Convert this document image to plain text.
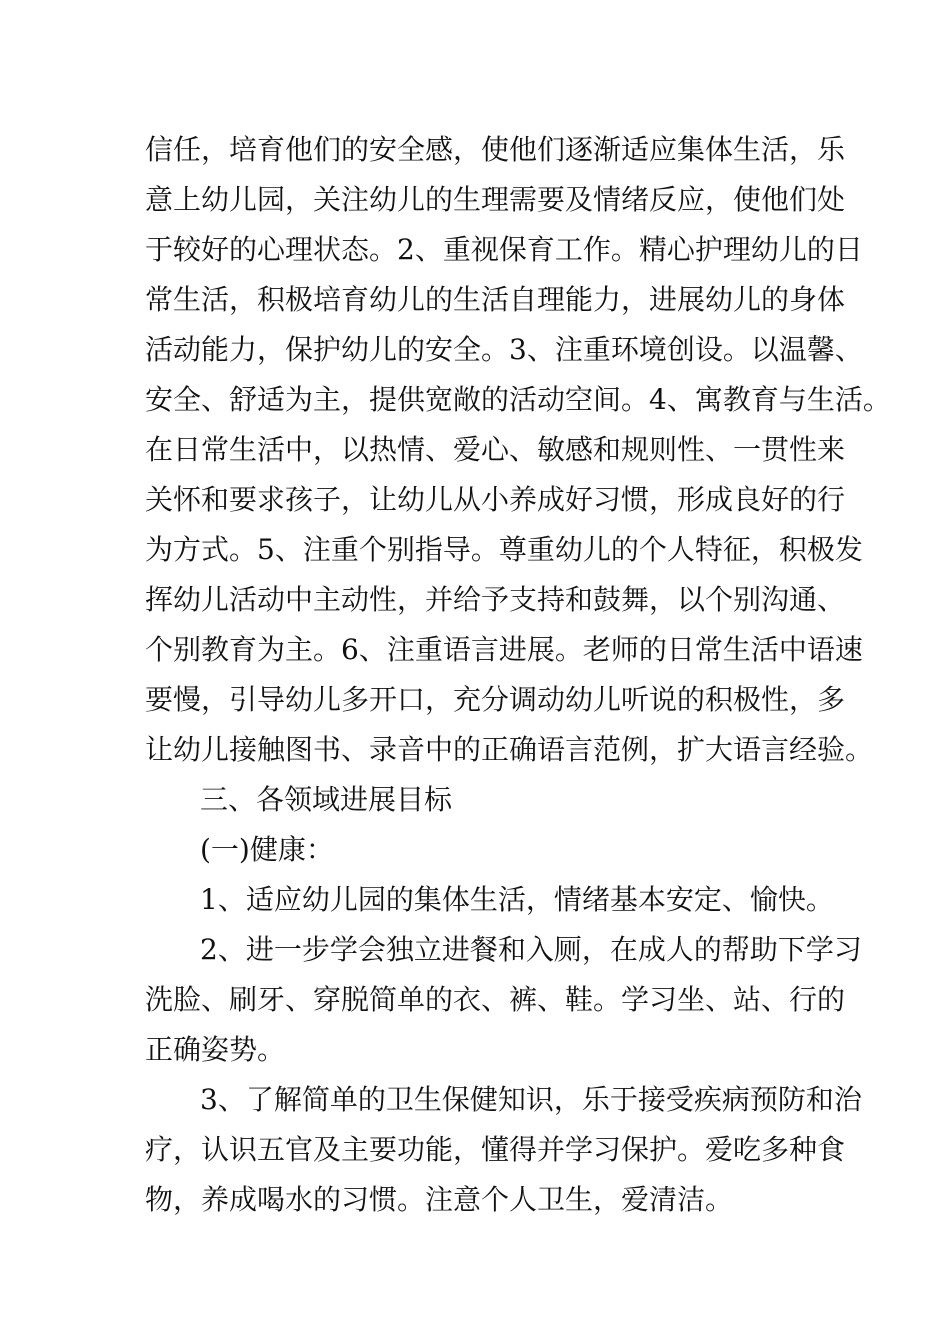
信任，培育他们的安全感，使他们逐渐适应集体生活，乐
意上幼儿园，关注幼儿的生理需要及情绪反应，使他们处
于较好的心理状态。2、重视保育工作。精心护理幼儿的日
常生活，积极培育幼儿的生活自理能力，进展幼儿的身体
活动能力，保护幼儿的安全。3、注重环境创设。以温馨、
安全、舒适为主，提供宽敞的活动空间。4、寓教育与生活。
在日常生活中，以热情、爱心、敏感和规则性、一贯性来
关怀和要求孩子，让幼儿从小养成好习惯，形成良好的行
为方式。5、注重个别指导。尊重幼儿的个人特征，积极发
挥幼儿活动中主动性，并给予支持和鼓舞，以个别沟通、
个别教育为主。6、注重语言进展。老师的日常生活中语速
要慢，引导幼儿多开口，充分调动幼儿听说的积极性，多
让幼儿接触图书、录音中的正确语言范例，扩大语言经验。
三、各领域进展目标
(一)健康：
1、适应幼儿园的集体生活，情绪基本安定、愉快。
2、进一步学会独立进餐和入厕，在成人的帮助下学习
洗脸、刷牙、穿脱简单的衣、裤、鞋。学习坐、站、行的
正确姿势。
3、了解简单的卫生保健知识，乐于接受疾病预防和治
疗，认识五官及主要功能，懂得并学习保护。爱吃多种食
物，养成喝水的习惯。注意个人卫生，爱清洁。
